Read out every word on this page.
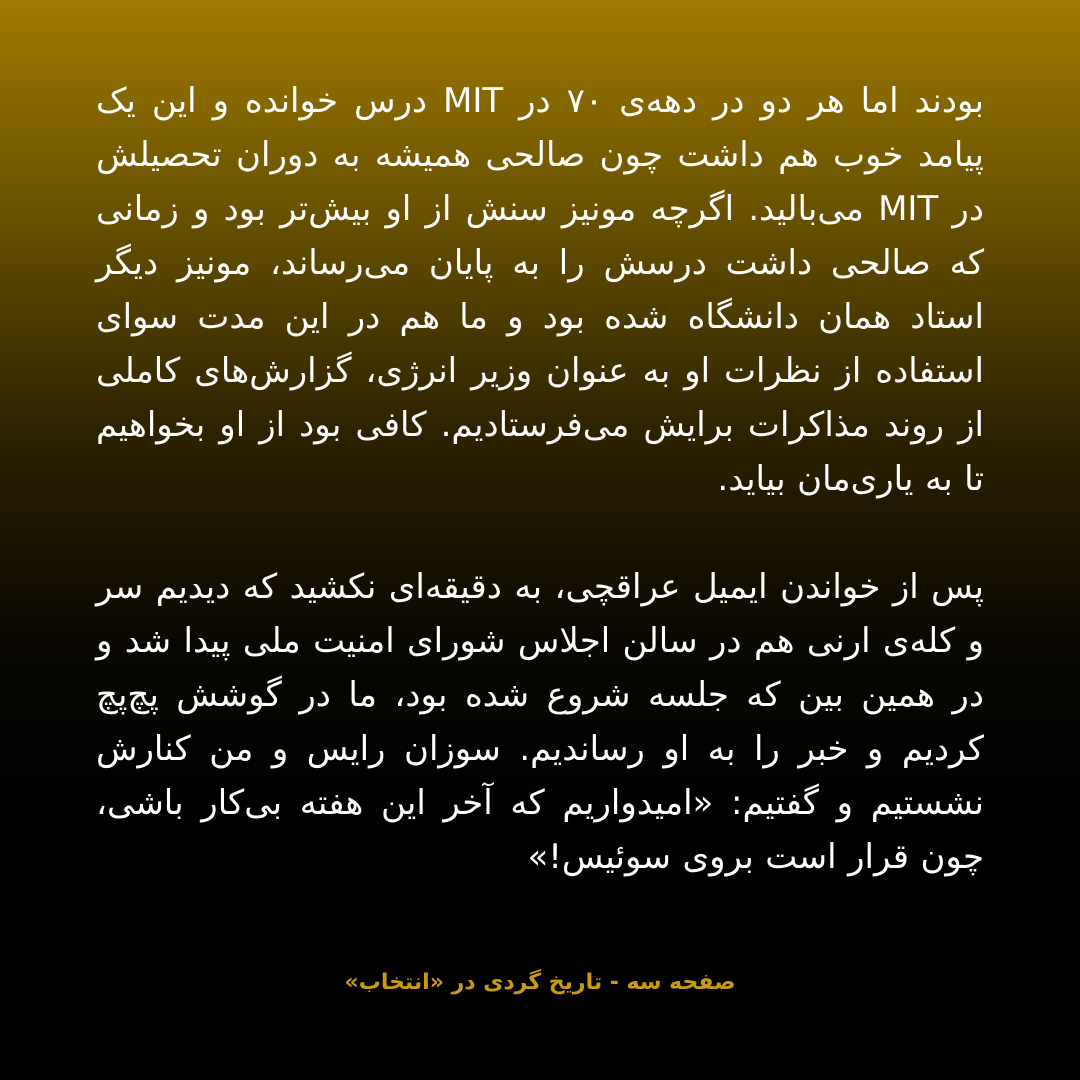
بودند اما هر دو در دهه‌ی ۷۰ در MIT درس خوانده و این یک پیامد خوب هم داشت چون صالحی همیشه به دوران تحصیلش در MIT می‌بالید. اگرچه مونیز سنش از او بیش‌تر بود و زمانی که صالحی داشت درسش را به پایان می‌رساند، مونیز دیگر استاد همان دانشگاه شده بود و ما هم در این مدت سوای استفاده از نظرات او به عنوان وزیر انرژی، گزارش‌های کاملی از روند مذاکرات برایش می‌فرستادیم. کافی بود از او بخواهیم تا به یاری‌مان بیاید.

پس از خواندن ایمیل عراقچی، به دقیقه‌ای نکشید که دیدیم سر و کله‌ی ارنی هم در سالن اجلاس شورای امنیت ملی پیدا شد و در همین بین که جلسه شروع شده بود، ما در گوشش پچ‌پچ کردیم و خبر را به او رساندیم. سوزان رایس و من کنارش نشستیم و گفتیم: «امیدواریم که آخر این هفته بی‌کار باشی، چون قرار است بروی سوئیس!»

صفحه سه - تاریخ گردی در «انتخاب»
